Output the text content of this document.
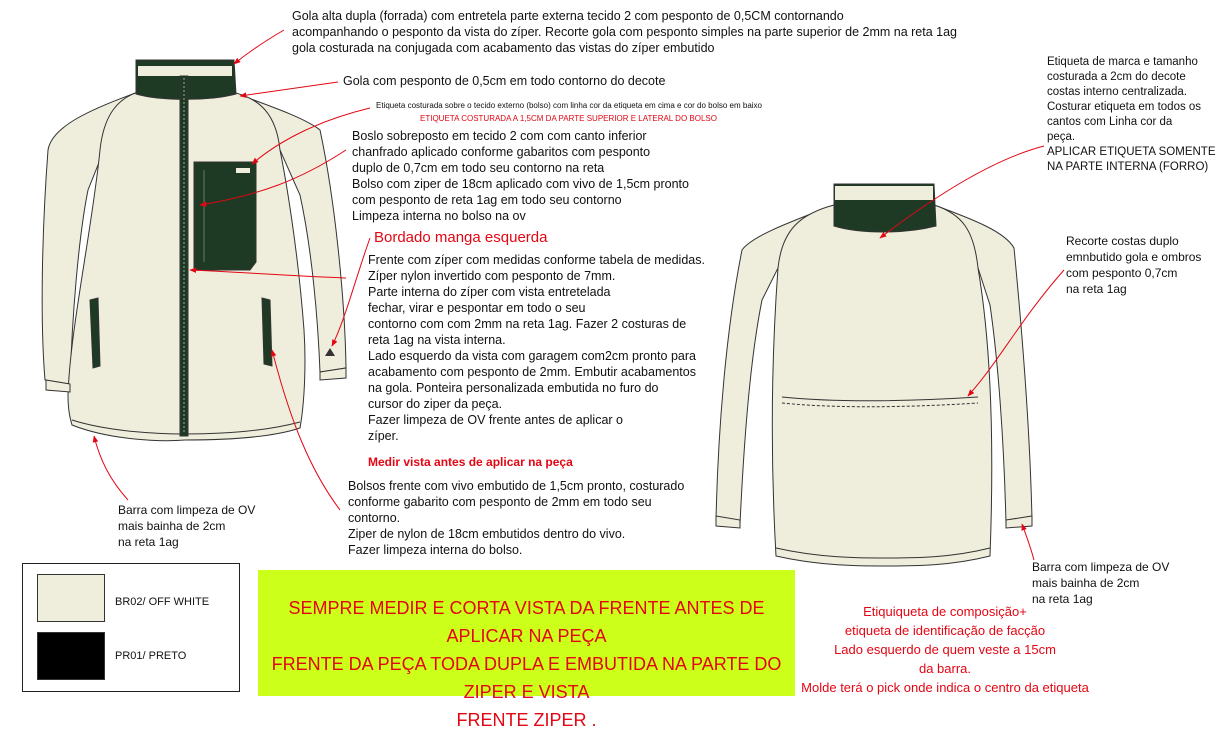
Gola alta dupla (forrada) com entretela parte externa tecido 2 com pesponto de 0,5CM contornando
acompanhando o pesponto da vista do zíper. Recorte gola com pesponto simples na parte superior de 2mm na reta 1ag
gola costurada na conjugada com acabamento das vistas do zíper embutido
Gola com pesponto de 0,5cm em todo contorno do decote
Etiqueta costurada sobre o tecido externo (bolso) com linha cor da etiqueta em cima e cor do bolso em baixo
ETIQUETA COSTURADA A 1,5CM DA PARTE SUPERIOR E LATERAL DO BOLSO
Boslo sobreposto em tecido 2 com com canto inferior
chanfrado aplicado conforme gabaritos com pesponto
duplo de 0,7cm em todo seu contorno na reta
Bolso com ziper de 18cm aplicado com vivo de 1,5cm pronto
com pesponto de reta 1ag em todo seu contorno
Limpeza interna no bolso na ov
Bordado manga esquerda
Frente com zíper com medidas conforme tabela de medidas.
Zíper nylon invertido com pesponto de 7mm.
Parte interna do zíper com vista entretelada
fechar, virar e pespontar em todo o seu
contorno com com 2mm na reta 1ag. Fazer 2 costuras de
reta 1ag na vista interna.
Lado esquerdo da vista com garagem com2cm pronto para
acabamento com pesponto de 2mm. Embutir acabamentos
na gola. Ponteira personalizada embutida no furo do
cursor do ziper da peça.
Fazer limpeza de OV frente antes de aplicar o
zíper.
Medir vista antes de aplicar na peça
Bolsos frente com vivo embutido de 1,5cm pronto, costurado
conforme gabarito com pesponto de 2mm em todo seu
contorno.
Ziper de nylon de 18cm embutidos dentro do vivo.
Fazer limpeza interna do bolso.
Barra com limpeza de OV
mais bainha de 2cm
na reta 1ag
Etiqueta de marca e tamanho
costurada a 2cm do decote
costas interno centralizada.
Costurar etiqueta em todos os
cantos com Linha cor da
peça.
APLICAR ETIQUETA SOMENTE
NA PARTE INTERNA (FORRO)
Recorte costas duplo
emnbutido gola e ombros
com pesponto 0,7cm
na reta 1ag
Barra com limpeza de OV
mais bainha de 2cm
na reta 1ag
Etiquiqueta de composição+
etiqueta de identificação de facção
Lado esquerdo de quem veste a 15cm
da barra.
Molde terá o pick onde indica o centro da etiqueta
BR02/ OFF WHITE
PR01/ PRETO
SEMPRE MEDIR E CORTA VISTA DA FRENTE ANTES DE APLICAR NA PEÇA
FRENTE DA PEÇA TODA DUPLA E EMBUTIDA NA PARTE DO ZIPER E VISTA
FRENTE ZIPER .
